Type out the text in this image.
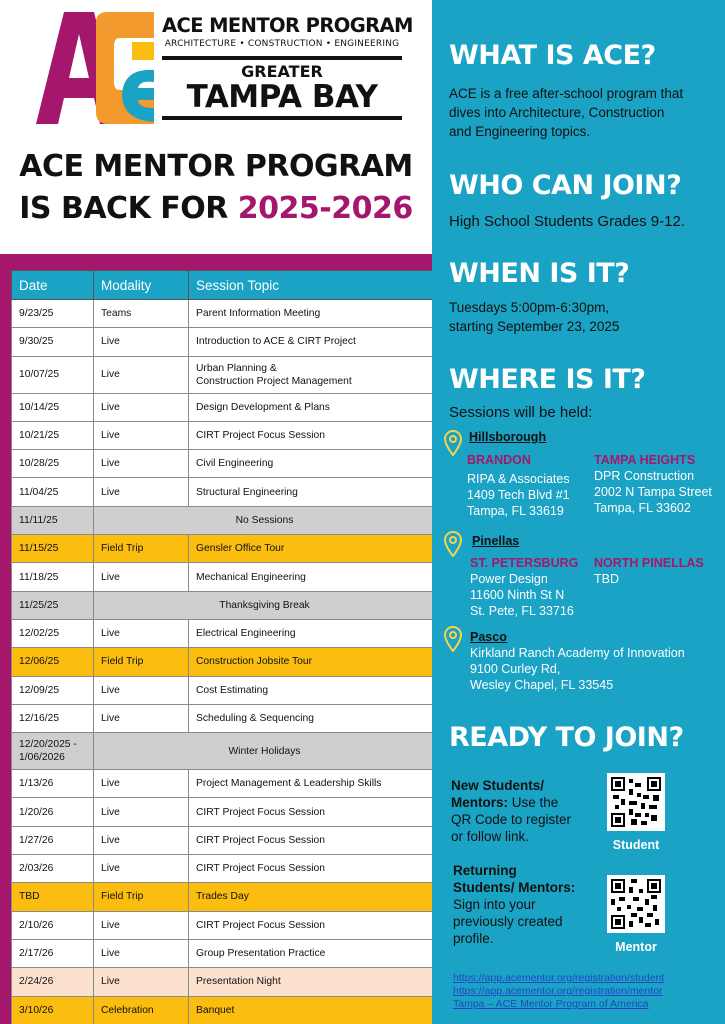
ACE MENTOR PROGRAM
ARCHITECTURE • CONSTRUCTION • ENGINEERING
GREATER
TAMPA BAY
ACE MENTOR PROGRAM
IS BACK FOR 2025-2026
Date	Modality	Session Topic
9/23/25	Teams	Parent Information Meeting
9/30/25	Live	Introduction to ACE & CIRT Project
10/07/25	Live	Urban Planning &
Construction Project Management

10/14/25	Live	Design Development & Plans
10/21/25	Live	CIRT Project Focus Session
10/28/25	Live	Civil Engineering
11/04/25	Live	Structural Engineering
11/11/25	No Sessions	
11/15/25	Field Trip	Gensler Office Tour
11/18/25	Live	Mechanical Engineering
11/25/25	Thanksgiving Break	
12/02/25	Live	Electrical Engineering
12/06/25	Field Trip	Construction Jobsite Tour
12/09/25	Live	Cost Estimating
12/16/25	Live	Scheduling & Sequencing

12/20/2025 -
1/06/2026	Winter Holidays	
1/13/26	Live	Project Management & Leadership Skills
1/20/26	Live	CIRT Project Focus Session
1/27/26	Live	CIRT Project Focus Session
2/03/26	Live	CIRT Project Focus Session
TBD	Field Trip	Trades Day
2/10/26	Live	CIRT Project Focus Session
2/17/26	Live	Group Presentation Practice
2/24/26	Live	Presentation Night
3/10/26	Celebration	Banquet
WHAT IS ACE?
ACE is a free after-school program that
dives into Architecture, Construction
and Engineering topics.
WHO CAN JOIN?
High School Students Grades 9-12.
WHEN IS IT?
Tuesdays 5:00pm-6:30pm,
starting September 23, 2025
WHERE IS IT?
Sessions will be held:
Hillsborough
BRANDON
RIPA & Associates
1409 Tech Blvd #1
Tampa, FL 33619
TAMPA HEIGHTS
DPR Construction
2002 N Tampa Street
Tampa, FL 33602
Pinellas
ST. PETERSBURG
Power Design
11600 Ninth St N
St. Pete, FL 33716
NORTH PINELLAS
TBD
Pasco
Kirkland Ranch Academy of Innovation
9100 Curley Rd,
Wesley Chapel, FL 33545
READY TO JOIN?
New Students/
Mentors: Use the
QR Code to register
or follow link.
Student
Returning
Students/ Mentors:
Sign into your
previously created
profile.
Mentor
https://app.acementor.org/registration/student
https://app.acementor.org/registration/mentor
Tampa – ACE Mentor Program of America
